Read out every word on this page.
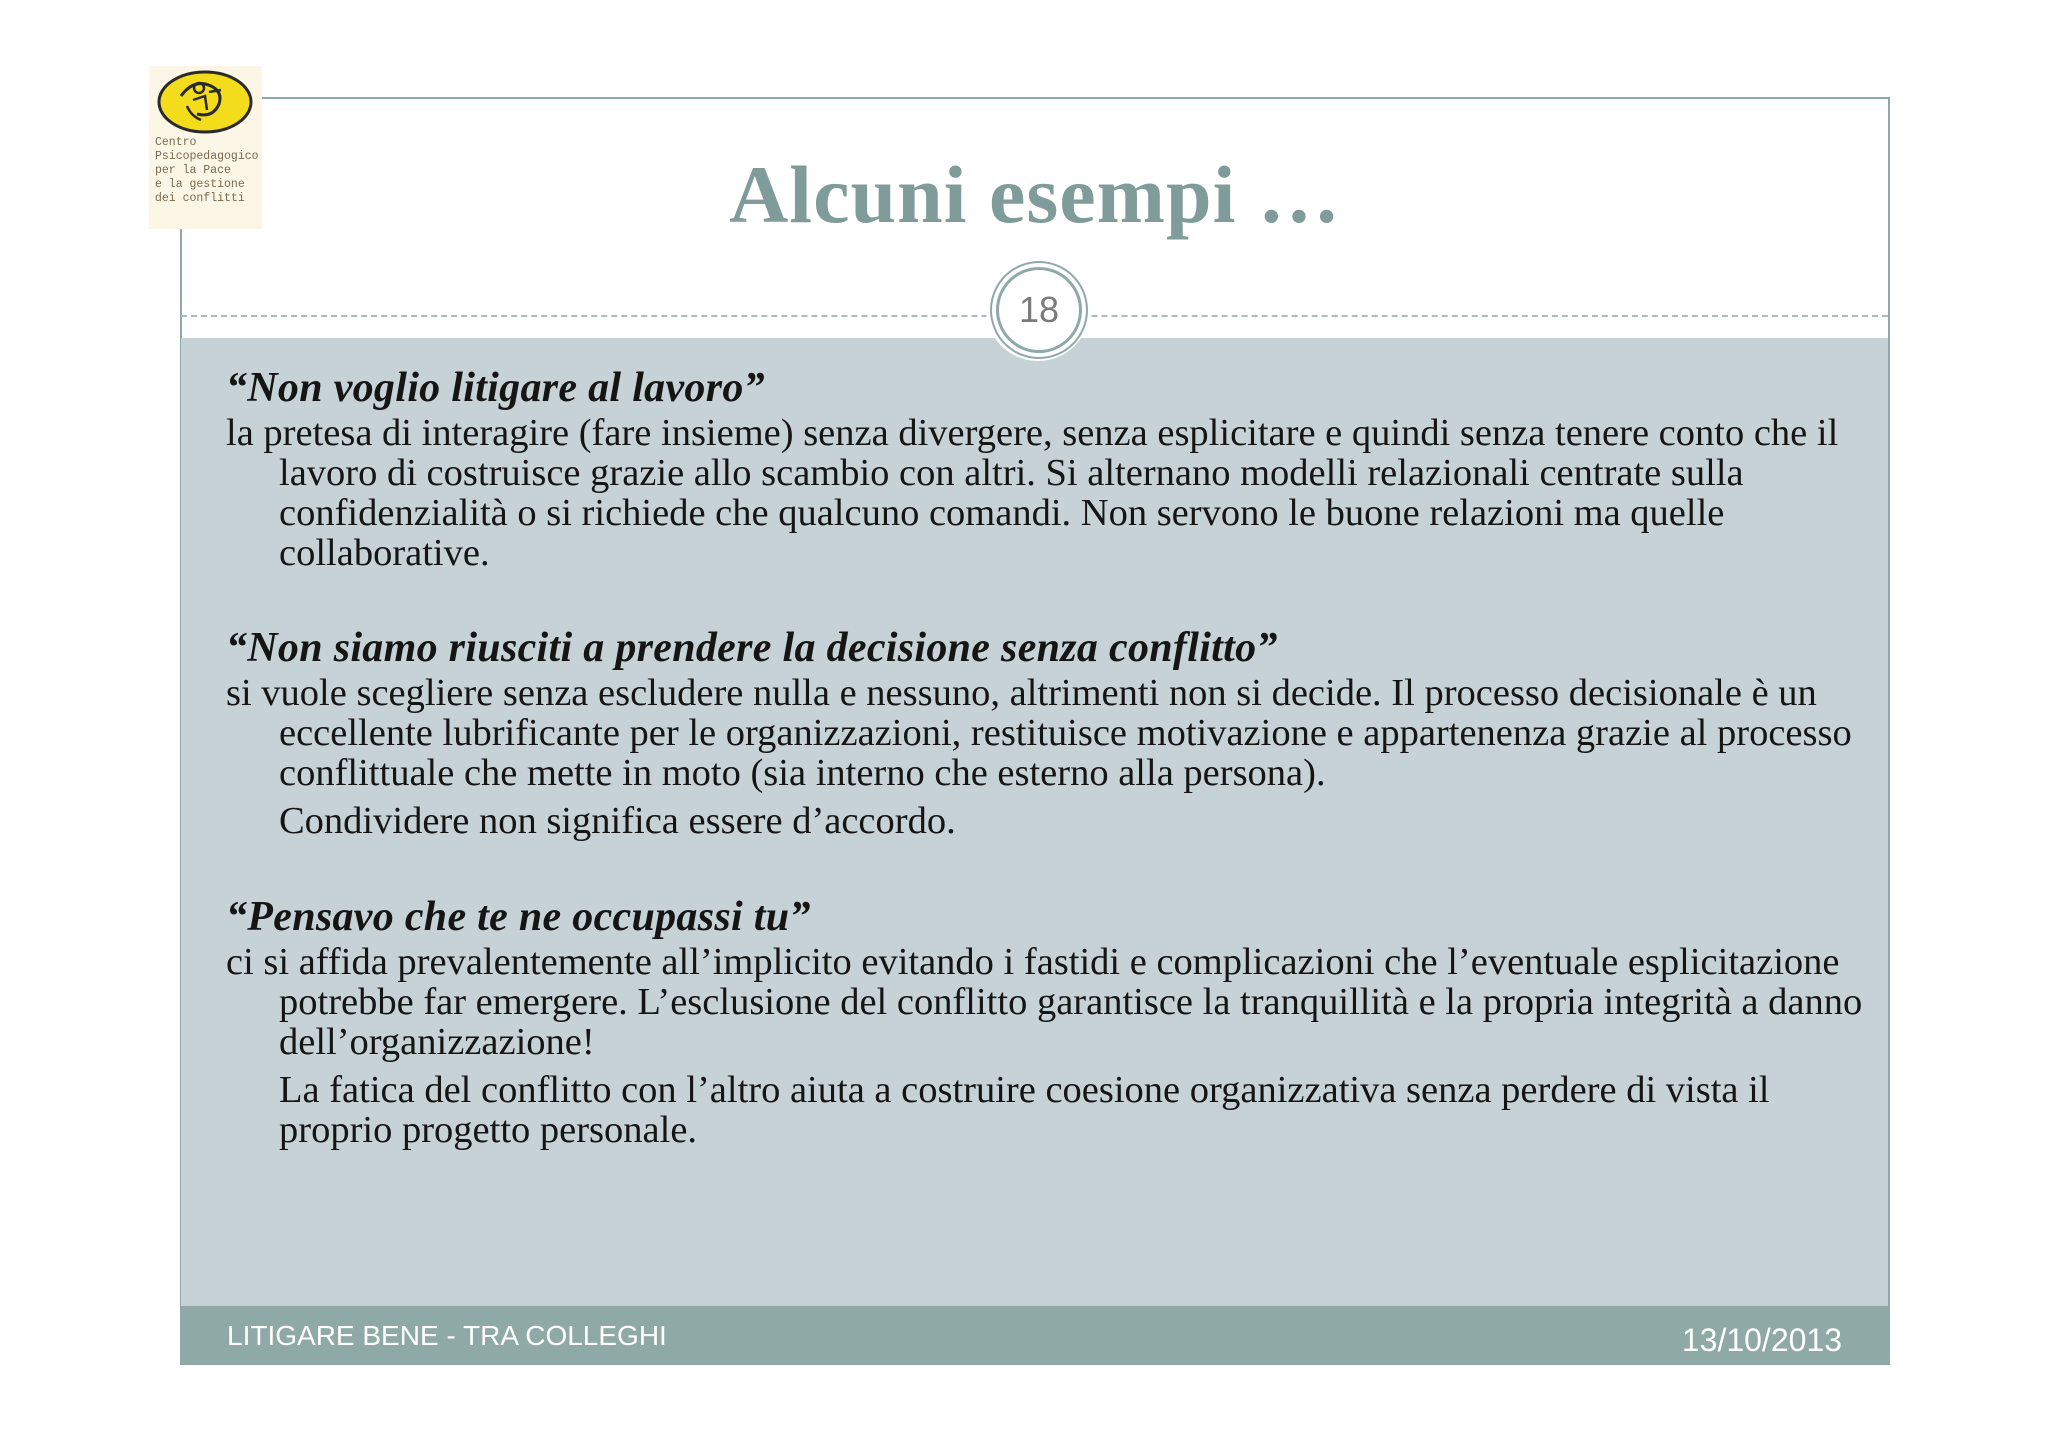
Centro
Psicopedagogico
per la Pace
e la gestione
dei conflitti	Alcuni esempi …
18

“Non voglio litigare al lavoro”

la pretesa di interagire (fare insieme) senza divergere, senza esplicitare e quindi senza tenere conto che il lavoro di costruisce grazie allo scambio con altri. Si alternano modelli relazionali centrate sulla confidenzialità o si richiede che qualcuno comandi. Non servono le buone relazioni ma quelle collaborative.

“Non siamo riusciti a prendere la decisione senza conflitto”

si vuole scegliere senza escludere nulla e nessuno, altrimenti non si decide. Il processo decisionale è un eccellente lubrificante per le organizzazioni, restituisce motivazione e appartenenza grazie al processo conflittuale che mette in moto (sia interno che esterno alla persona).

Condividere non significa essere d’accordo.

“Pensavo che te ne occupassi tu”

ci si affida prevalentemente all’implicito evitando i fastidi e complicazioni che l’eventuale esplicitazione potrebbe far emergere. L’esclusione del conflitto garantisce la tranquillità e la propria integrità a danno dell’organizzazione!

La fatica del conflitto con l’altro aiuta a costruire coesione organizzativa senza perdere di vista il proprio progetto personale.

LITIGARE BENE - TRA COLLEGHI	13/10/2013
